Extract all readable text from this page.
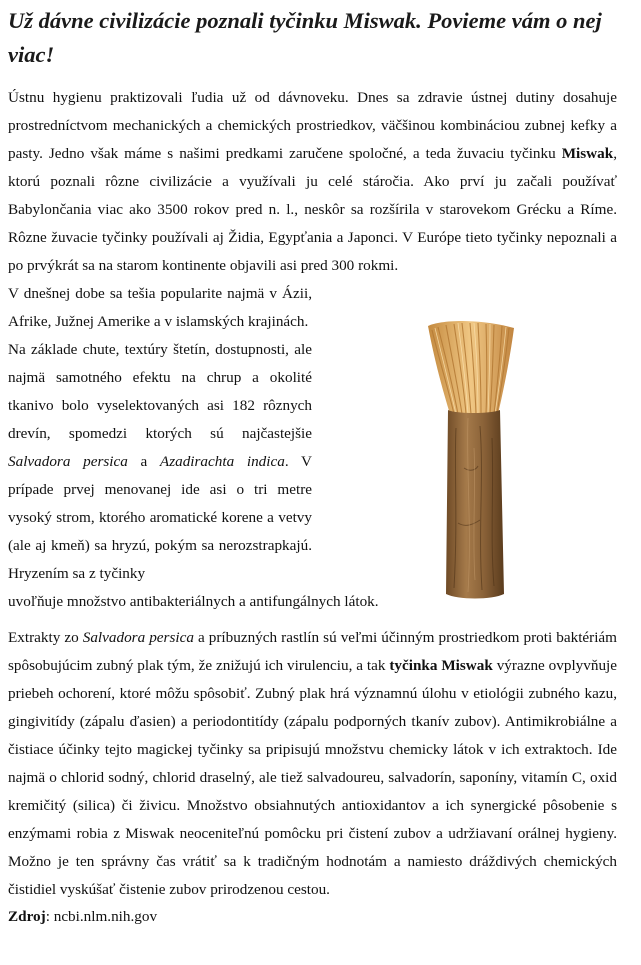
Už dávne civilizácie poznali tyčinku Miswak. Povieme vám o nej viac!

Ústnu hygienu praktizovali ľudia už od dávnoveku. Dnes sa zdravie ústnej dutiny dosahuje prostredníctvom mechanických a chemických prostriedkov, väčšinou kombináciou zubnej kefky a pasty. Jedno však máme s našimi predkami zaručene spoločné, a teda žuvaciu tyčinku Miswak, ktorú poznali rôzne civilizácie a využívali ju celé stáročia. Ako prví ju začali používať Babylončania viac ako 3500 rokov pred n. l., neskôr sa rozšírila v starovekom Grécku a Ríme. Rôzne žuvacie tyčinky používali aj Židia, Egypťania a Japonci. V Európe tieto tyčinky nepoznali a po prvýkrát sa na starom kontinente objavili asi pred 300 rokmi.

V dnešnej dobe sa tešia popularite najmä v Ázii, Afrike, Južnej Amerike a v islamských krajinách.

Na základe chute, textúry štetín, dostupnosti, ale najmä samotného efektu na chrup a okolité tkanivo bolo vyselektovaných asi 182 rôznych drevín, spomedzi ktorých sú najčastejšie Salvadora persica a Azadirachta indica. V prípade prvej menovanej ide asi o tri metre vysoký strom, ktorého aromatické korene a vetvy (ale aj kmeň) sa hryzú, pokým sa nerozstrapkajú. Hryzením sa z tyčinky

uvoľňuje množstvo antibakteriálnych a antifungálnych látok.

Extrakty zo Salvadora persica a príbuzných rastlín sú veľmi účinným prostriedkom proti baktériám spôsobujúcim zubný plak tým, že znižujú ich virulenciu, a tak tyčinka Miswak výrazne ovplyvňuje priebeh ochorení, ktoré môžu spôsobiť. Zubný plak hrá významnú úlohu v etiológii zubného kazu, gingivitídy (zápalu ďasien) a periodontitídy (zápalu podporných tkanív zubov). Antimikrobiálne a čistiace účinky tejto magickej tyčinky sa pripisujú množstvu chemicky látok v ich extraktoch. Ide najmä o chlorid sodný, chlorid draselný, ale tiež salvadoureu, salvadorín, saponíny, vitamín C, oxid kremičitý (silica) či živicu. Množstvo obsiahnutých antioxidantov a ich synergické pôsobenie s enzýmami robia z Miswak neoceniteľnú pomôcku pri čistení zubov a udržiavaní orálnej hygieny. Možno je ten správny čas vrátiť sa k tradičným hodnotám a namiesto dráždivých chemických čistidiel vyskúšať čistenie zubov prirodzenou cestou.

Zdroj: ncbi.nlm.nih.gov
